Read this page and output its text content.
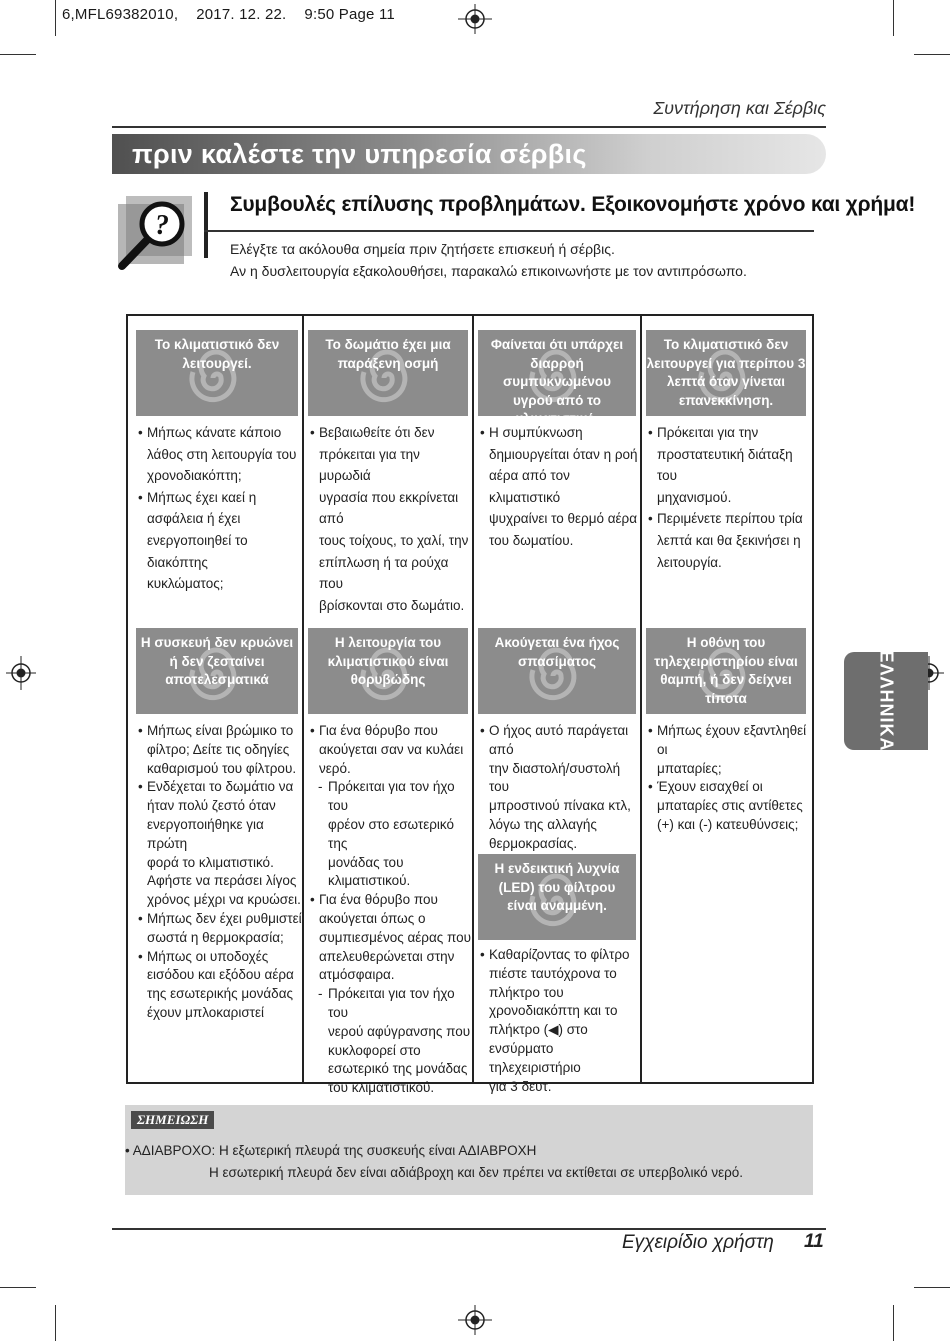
6,MFL69382010, 2017. 12. 22. 9:50 Page 11
Συντήρηση και Σέρβις
πριν καλέστε την υπηρεσία σέρβις
?
Συμβουλές επίλυσης προβλημάτων. Εξοικονομήστε χρόνο και χρήμα!

Ελέγξτε τα ακόλουθα σημεία πριν ζητήσετε επισκευή ή σέρβις.

Αν η δυσλειτουργία εξακολουθήσει, παρακαλώ επικοινωνήστε με τον αντιπρόσωπο.

Το κλιματιστικό δεν
λειτουργεί.

• Μήπως κάνατε κάποιο
λάθος στη λειτουργία του
χρονοδιακόπτη;
• Μήπως έχει καεί η
ασφάλεια ή έχει
ενεργοποιηθεί το διακόπτης
κυκλώματος;
Το δωμάτιο έχει μια
παράξενη οσμή

• Βεβαιωθείτε ότι δεν
πρόκειται για την μυρωδιά
υγρασία που εκκρίνεται από
τους τοίχους, το χαλί, την
επίπλωση ή τα ρούχα που
βρίσκονται στο δωμάτιο.
Φαίνεται ότι υπάρχει
διαρροή συμπυκνωμένου
υγρού από το
κλιματιστικό.

• Η συμπύκνωση
δημιουργείται όταν η ροή
αέρα από τον κλιματιστικό
ψυχραίνει το θερμό αέρα
του δωματίου.
Το κλιματιστικό δεν
λειτουργεί για περίπου 3
λεπτά όταν γίνεται
επανεκκίνηση.

• Πρόκειται για την
προστατευτική διάταξη του
μηχανισμού.
• Περιμένετε περίπου τρία
λεπτά και θα ξεκινήσει η
λειτουργία.
Η συσκευή δεν κρυώνει
ή δεν ζεσταίνει
αποτελεσματικά

• Μήπως είναι βρώμικο το
φίλτρο; Δείτε τις οδηγίες
καθαρισμού του φίλτρου.
• Ενδέχεται το δωμάτιο να
ήταν πολύ ζεστό όταν
ενεργοποιήθηκε για πρώτη
φορά το κλιματιστικό.
Αφήστε να περάσει λίγος
χρόνος μέχρι να κρυώσει.
• Μήπως δεν έχει ρυθμιστεί
σωστά η θερμοκρασία;
• Μήπως οι υποδοχές
εισόδου και εξόδου αέρα
της εσωτερικής μονάδας
έχουν μπλοκαριστεί
Η λειτουργία του
κλιματιστικού είναι
θορυβώδης

• Για ένα θόρυβο που
ακούγεται σαν να κυλάει
νερό.
- Πρόκειται για τον ήχο του
φρέον στο εσωτερικό της
μονάδας του
κλιματιστικού.
• Για ένα θόρυβο που
ακούγεται όπως ο
συμπιεσμένος αέρας που
απελευθερώνεται στην
ατμόσφαιρα.
- Πρόκειται για τον ήχο του
νερού αφύγρανσης που
κυκλοφορεί στο
εσωτερικό της μονάδας
του κλιματιστικού.
Ακούγεται ένα ήχος
σπασίματος

• Ο ήχος αυτό παράγεται από
την διαστολή/συστολή του
μπροστινού πίνακα κτλ,
λόγω της αλλαγής
θερμοκρασίας.
Η ενδεικτική λυχνία
(LED) του φίλτρου
είναι αναμμένη.

• Καθαρίζοντας το φίλτρο
πιέστε ταυτόχρονα το
πλήκτρο του
χρονοδιακόπτη και το
πλήκτρο (◀) στο
ενσύρματο τηλεχειριστήριο
για 3 δευτ.
Η οθόνη του
τηλεχειριστηρίου είναι
θαμπή, ή δεν δείχνει
τίποτα

• Μήπως έχουν εξαντληθεί οι
μπαταρίες;
• Έχουν εισαχθεί οι
μπαταρίες στις αντίθετες
(+) και (-) κατευθύνσεις;
ΕΛΛΗΝΙΚΑ
ΣΗΜΕΙΩΣΗ
• ΑΔΙΑΒΡΟΧΟ: Η εξωτερική πλευρά της συσκευής είναι ΑΔΙΑΒΡΟΧΗ
Η εσωτερική πλευρά δεν είναι αδιάβροχη και δεν πρέπει να εκτίθεται σε υπερβολικό νερό.
Εγχειρίδιο χρήστη 11
